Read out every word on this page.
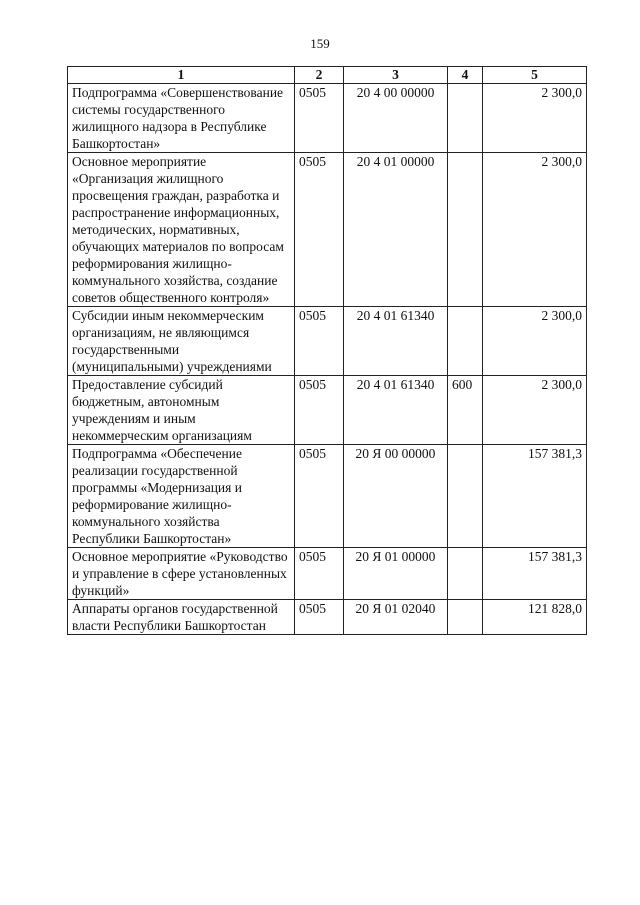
159
1	2	3	4	5
Подпрограмма «Совершенствование системы государственного жилищного надзора в Республике Башкортостан»	0505	20 4 00 00000		2 300,0
Основное мероприятие «Организация жилищного просвещения граждан, разработка и распространение информационных, методических, нормативных, обучающих материалов по вопросам реформирования жилищно-коммунального хозяйства, создание советов общественного контроля»	0505	20 4 01 00000		2 300,0
Субсидии иным некоммерческим организациям, не являющимся государственными (муниципальными) учреждениями	0505	20 4 01 61340		2 300,0
Предоставление субсидий бюджетным, автономным учреждениям и иным некоммерческим организациям	0505	20 4 01 61340	600	2 300,0
Подпрограмма «Обеспечение реализации государственной программы «Модернизация и реформирование жилищно-коммунального хозяйства Республики Башкортостан»	0505	20 Я 00 00000		157 381,3
Основное мероприятие «Руководство и управление в сфере установленных функций»	0505	20 Я 01 00000		157 381,3
Аппараты органов государственной власти Республики Башкортостан	0505	20 Я 01 02040		121 828,0
